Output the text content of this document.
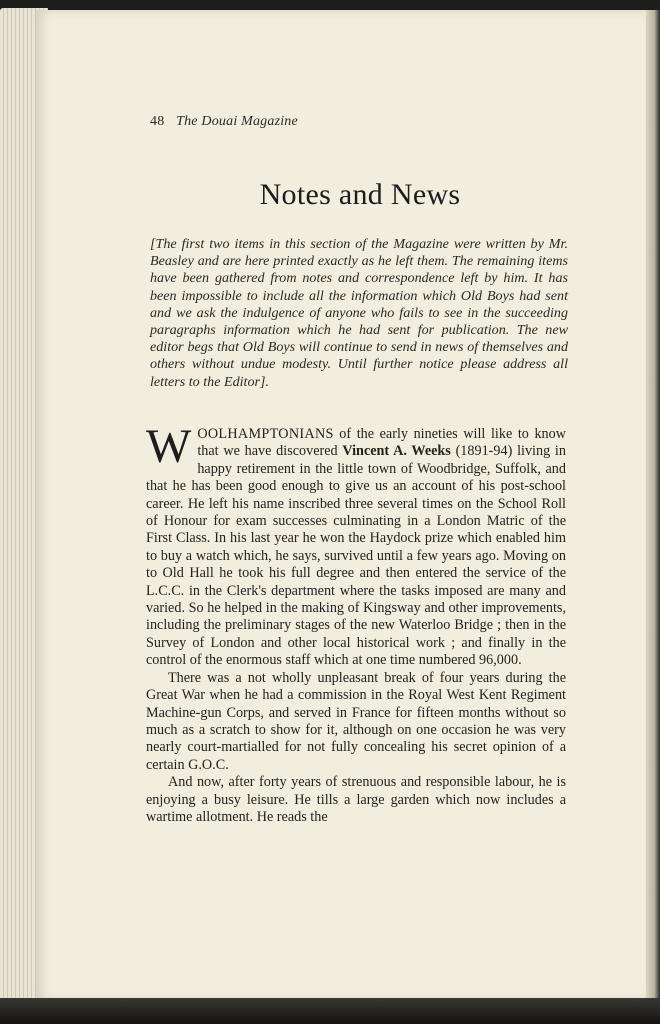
48 The Douai Magazine
Notes and News
[The first two items in this section of the Magazine were written by Mr. Beasley and are here printed exactly as he left them. The remaining items have been gathered from notes and correspondence left by him. It has been impossible to include all the information which Old Boys had sent and we ask the indulgence of anyone who fails to see in the succeeding paragraphs information which he had sent for publication. The new editor begs that Old Boys will continue to send in news of themselves and others without undue modesty. Until further notice please address all letters to the Editor].

WOOLHAMPTONIANS of the early nineties will like to know that we have discovered Vincent A. Weeks (1891-94) living in happy retirement in the little town of Woodbridge, Suffolk, and that he has been good enough to give us an account of his post-school career. He left his name inscribed three several times on the School Roll of Honour for exam successes culminating in a London Matric of the First Class. In his last year he won the Haydock prize which enabled him to buy a watch which, he says, survived until a few years ago. Moving on to Old Hall he took his full degree and then entered the service of the L.C.C. in the Clerk's department where the tasks imposed are many and varied. So he helped in the making of Kingsway and other improvements, including the preliminary stages of the new Waterloo Bridge ; then in the Survey of London and other local historical work ; and finally in the control of the enormous staff which at one time numbered 96,000.

There was a not wholly unpleasant break of four years during the Great War when he had a commission in the Royal West Kent Regiment Machine-gun Corps, and served in France for fifteen months without so much as a scratch to show for it, although on one occasion he was very nearly court-martialled for not fully concealing his secret opinion of a certain G.O.C.

And now, after forty years of strenuous and responsible labour, he is enjoying a busy leisure. He tills a large garden which now includes a wartime allotment. He reads the
